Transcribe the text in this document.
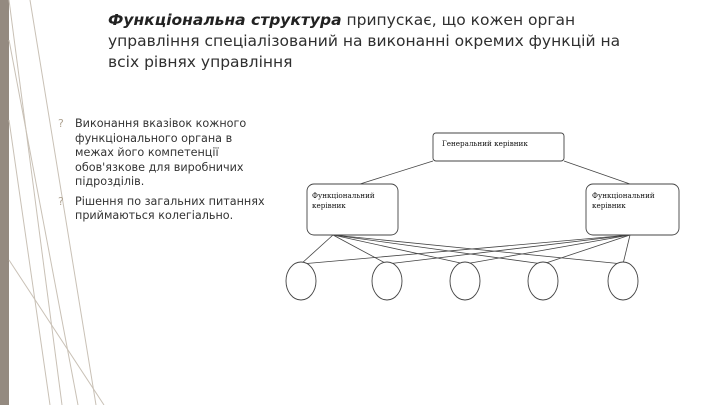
Функціональна структура припускає, що кожен орган управління спеціалізований на виконанні окремих функцій на всіх рівнях управління
? Виконання вказівок кожного функціонального органа в межах його компетенції обов'язкове для виробничих підрозділів.
? Рішення по загальних питаннях приймаються колегіально.
Генеральний керівник
Функціональний
керівник
Функціональний
керівник
